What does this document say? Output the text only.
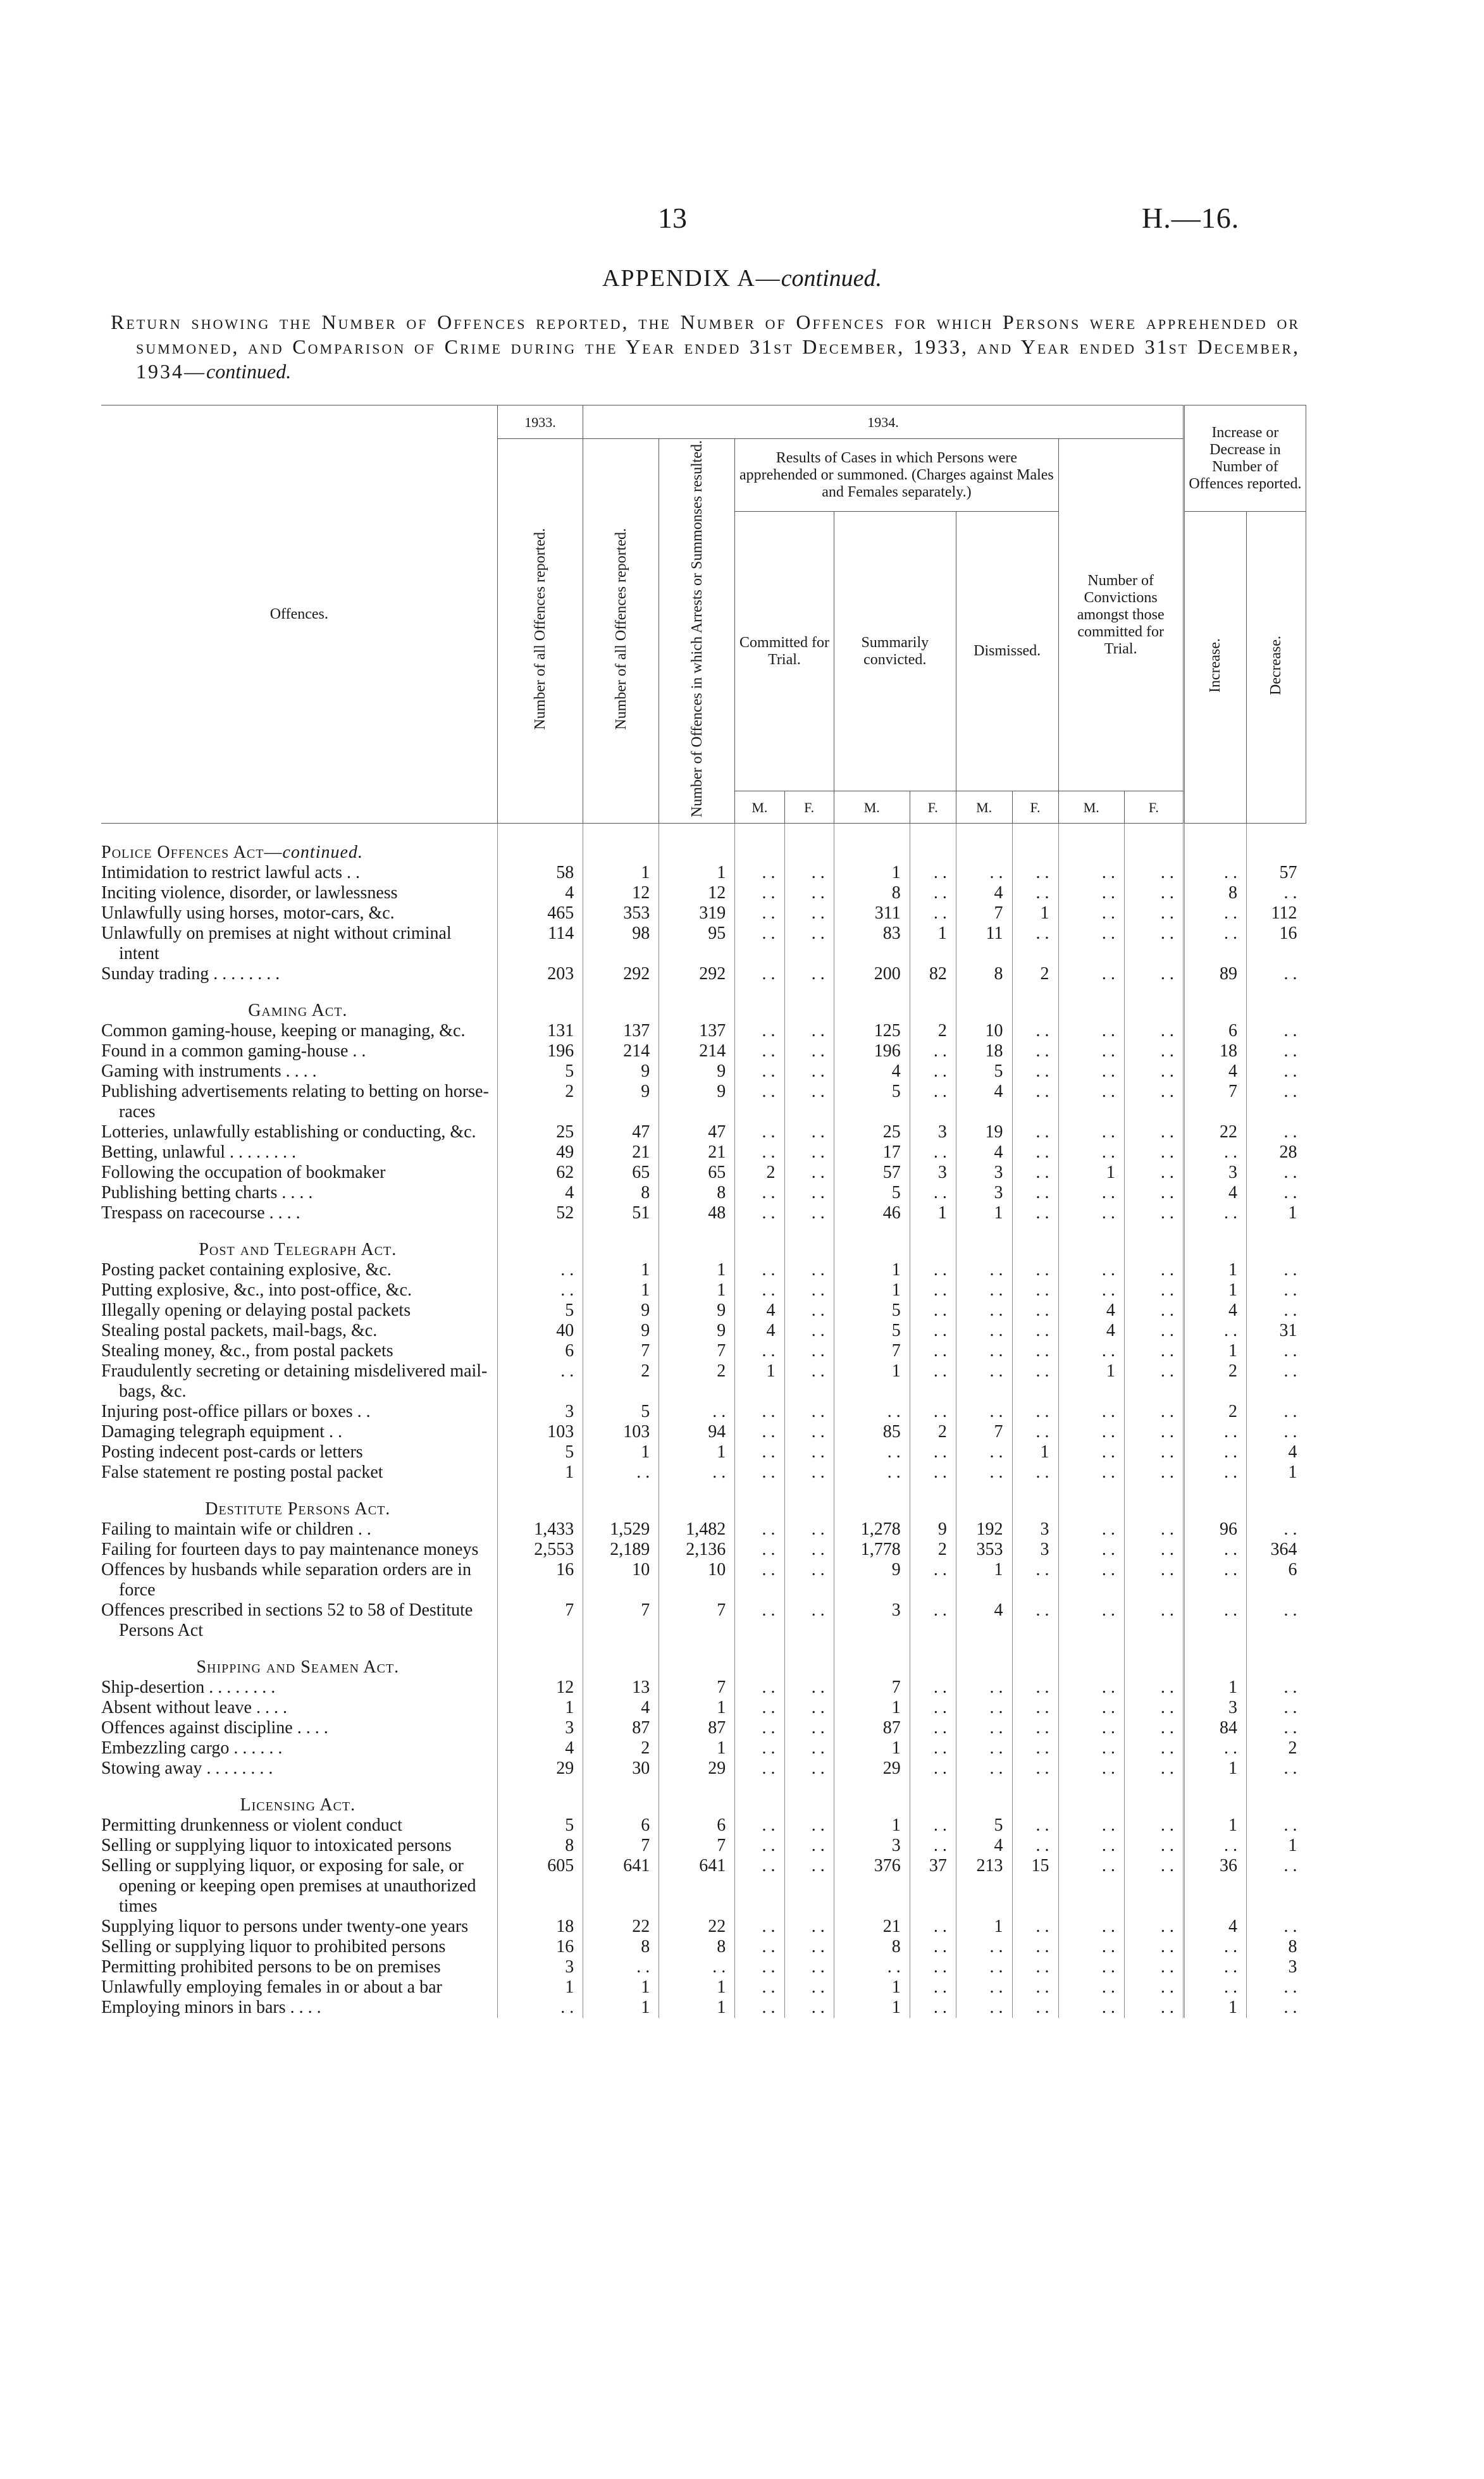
13	H.—16.
APPENDIX A—continued.
Return showing the Number of Offences reported, the Number of Offences for which Persons were apprehended or summoned, and Comparison of Crime during the Year ended 31st December, 1933, and Year ended 31st December, 1934—continued.
Offences.	1933.	1934.										Increase or Decrease in Number of Offences reported.	
	Number of all Offences reported.	Number of all Offences reported.	Number of Offences in which Arrests or Summonses resulted.	Results of Cases in which Persons were apprehended or summoned. (Charges against Males and Females separately.)						Number of Convictions amongst those committed for Trial.			
				Committed for Trial.		Summarily convicted.		Dismissed.				Increase.	Decrease.
				M.	F.	M.	F.	M.	F.	M.	F.		
Police Offences Act—continued.													
Intimidation to restrict lawful acts . .	58	1	1	. .	. .	1	. .	. .	. .	. .	. .	. .	57
Inciting violence, disorder, or lawlessness	4	12	12	. .	. .	8	. .	4	. .	. .	. .	8	. .
Unlawfully using horses, motor-cars, &c.	465	353	319	. .	. .	311	. .	7	1	. .	. .	. .	112
Unlawfully on premises at night without criminal intent	114	98	95	. .	. .	83	1	11	. .	. .	. .	. .	16
Sunday trading . . . . . . . .	203	292	292	. .	. .	200	82	8	2	. .	. .	89	. .
Gaming Act.													
Common gaming-house, keeping or managing, &c.	131	137	137	. .	. .	125	2	10	. .	. .	. .	6	. .
Found in a common gaming-house . .	196	214	214	. .	. .	196	. .	18	. .	. .	. .	18	. .
Gaming with instruments . . . .	5	9	9	. .	. .	4	. .	5	. .	. .	. .	4	. .
Publishing advertisements relating to betting on horse-races	2	9	9	. .	. .	5	. .	4	. .	. .	. .	7	. .
Lotteries, unlawfully establishing or conducting, &c.	25	47	47	. .	. .	25	3	19	. .	. .	. .	22	. .
Betting, unlawful . . . . . . . .	49	21	21	. .	. .	17	. .	4	. .	. .	. .	. .	28
Following the occupation of bookmaker	62	65	65	2	. .	57	3	3	. .	1	. .	3	. .
Publishing betting charts . . . .	4	8	8	. .	. .	5	. .	3	. .	. .	. .	4	. .
Trespass on racecourse . . . .	52	51	48	. .	. .	46	1	1	. .	. .	. .	. .	1
Post and Telegraph Act.													
Posting packet containing explosive, &c.	. .	1	1	. .	. .	1	. .	. .	. .	. .	. .	1	. .
Putting explosive, &c., into post-office, &c.	. .	1	1	. .	. .	1	. .	. .	. .	. .	. .	1	. .
Illegally opening or delaying postal packets	5	9	9	4	. .	5	. .	. .	. .	4	. .	4	. .
Stealing postal packets, mail-bags, &c.	40	9	9	4	. .	5	. .	. .	. .	4	. .	. .	31
Stealing money, &c., from postal packets	6	7	7	. .	. .	7	. .	. .	. .	. .	. .	1	. .
Fraudulently secreting or detaining misdelivered mail-bags, &c.	. .	2	2	1	. .	1	. .	. .	. .	1	. .	2	. .
Injuring post-office pillars or boxes . .	3	5	. .	. .	. .	. .	. .	. .	. .	. .	. .	2	. .
Damaging telegraph equipment . .	103	103	94	. .	. .	85	2	7	. .	. .	. .	. .	. .
Posting indecent post-cards or letters	5	1	1	. .	. .	. .	. .	. .	1	. .	. .	. .	4
False statement re posting postal packet	1	. .	. .	. .	. .	. .	. .	. .	. .	. .	. .	. .	1
Destitute Persons Act.													
Failing to maintain wife or children . .	1,433	1,529	1,482	. .	. .	1,278	9	192	3	. .	. .	96	. .
Failing for fourteen days to pay maintenance moneys	2,553	2,189	2,136	. .	. .	1,778	2	353	3	. .	. .	. .	364
Offences by husbands while separation orders are in force	16	10	10	. .	. .	9	. .	1	. .	. .	. .	. .	6
Offences prescribed in sections 52 to 58 of Destitute Persons Act	7	7	7	. .	. .	3	. .	4	. .	. .	. .	. .	. .
Shipping and Seamen Act.													
Ship-desertion . . . . . . . .	12	13	7	. .	. .	7	. .	. .	. .	. .	. .	1	. .
Absent without leave . . . .	1	4	1	. .	. .	1	. .	. .	. .	. .	. .	3	. .
Offences against discipline . . . .	3	87	87	. .	. .	87	. .	. .	. .	. .	. .	84	. .
Embezzling cargo . . . . . .	4	2	1	. .	. .	1	. .	. .	. .	. .	. .	. .	2
Stowing away . . . . . . . .	29	30	29	. .	. .	29	. .	. .	. .	. .	. .	1	. .
Licensing Act.													
Permitting drunkenness or violent conduct	5	6	6	. .	. .	1	. .	5	. .	. .	. .	1	. .
Selling or supplying liquor to intoxicated persons	8	7	7	. .	. .	3	. .	4	. .	. .	. .	. .	1
Selling or supplying liquor, or exposing for sale, or opening or keeping open premises at unauthorized times	605	641	641	. .	. .	376	37	213	15	. .	. .	36	. .
Supplying liquor to persons under twenty-one years	18	22	22	. .	. .	21	. .	1	. .	. .	. .	4	. .
Selling or supplying liquor to prohibited persons	16	8	8	. .	. .	8	. .	. .	. .	. .	. .	. .	8
Permitting prohibited persons to be on premises	3	. .	. .	. .	. .	. .	. .	. .	. .	. .	. .	. .	3
Unlawfully employing females in or about a bar	1	1	1	. .	. .	1	. .	. .	. .	. .	. .	. .	. .
Employing minors in bars . . . .	. .	1	1	. .	. .	1	. .	. .	. .	. .	. .	1	. .
